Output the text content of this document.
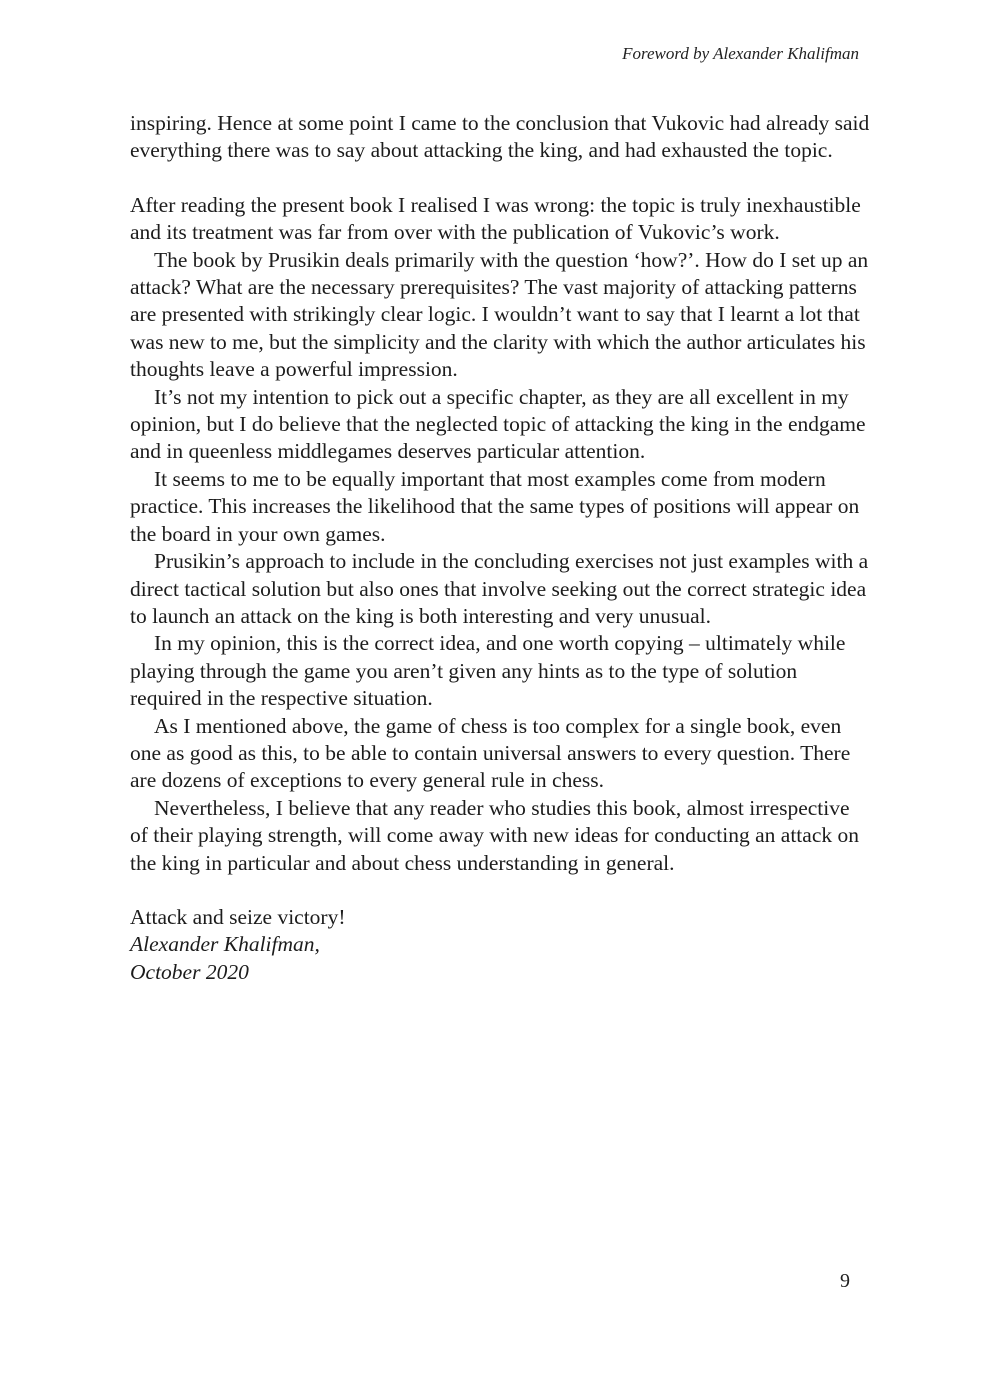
Foreword by Alexander Khalifman

inspiring. Hence at some point I came to the conclusion that Vukovic had already said everything there was to say about attacking the king, and had exhausted the topic.

After reading the present book I realised I was wrong: the topic is truly inexhaustible and its treatment was far from over with the publication of Vukovic’s work.

The book by Prusikin deals primarily with the question ‘how?’. How do I set up an attack? What are the necessary prerequisites? The vast majority of attacking patterns are presented with strikingly clear logic. I wouldn’t want to say that I learnt a lot that was new to me, but the simplicity and the clarity with which the author articulates his thoughts leave a powerful impression.

It’s not my intention to pick out a specific chapter, as they are all excellent in my opinion, but I do believe that the neglected topic of attacking the king in the endgame and in queenless middlegames deserves particular attention.

It seems to me to be equally important that most examples come from modern practice. This increases the likelihood that the same types of positions will appear on the board in your own games.

Prusikin’s approach to include in the concluding exercises not just examples with a direct tactical solution but also ones that involve seeking out the correct strategic idea to launch an attack on the king is both interesting and very unusual.

In my opinion, this is the correct idea, and one worth copying – ultimately while playing through the game you aren’t given any hints as to the type of solution required in the respective situation.

As I mentioned above, the game of chess is too complex for a single book, even one as good as this, to be able to contain universal answers to every question. There are dozens of exceptions to every general rule in chess.

Nevertheless, I believe that any reader who studies this book, almost irrespective of their playing strength, will come away with new ideas for conducting an attack on the king in particular and about chess understanding in general.

Attack and seize victory!

Alexander Khalifman,
October 2020

9
